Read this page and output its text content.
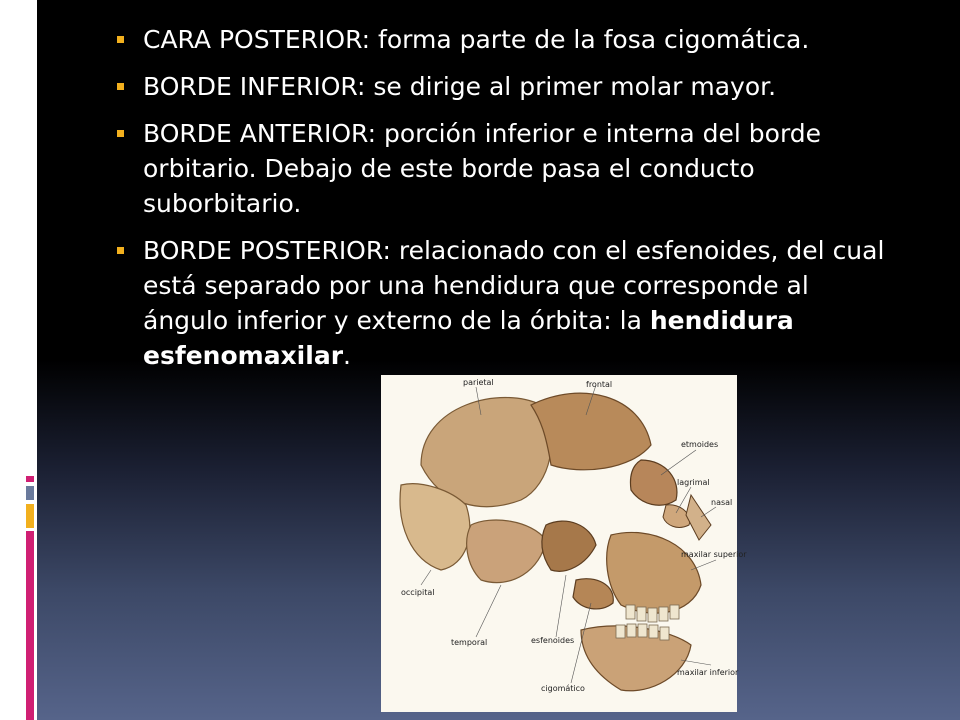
CARA POSTERIOR: forma parte de la fosa cigomática.
BORDE INFERIOR: se dirige al primer molar mayor.
BORDE ANTERIOR: porción inferior e interna del borde orbitario. Debajo de este borde pasa el conducto suborbitario.
BORDE POSTERIOR: relacionado con el esfenoides, del cual está separado por una hendidura que corresponde al ángulo inferior y externo de la órbita: la hendidura esfenomaxilar.
parietal	frontal
etmoides
lagrimal
nasal
maxilar superior
occipital
temporal	esfenoides
cigomático
maxilar inferior
